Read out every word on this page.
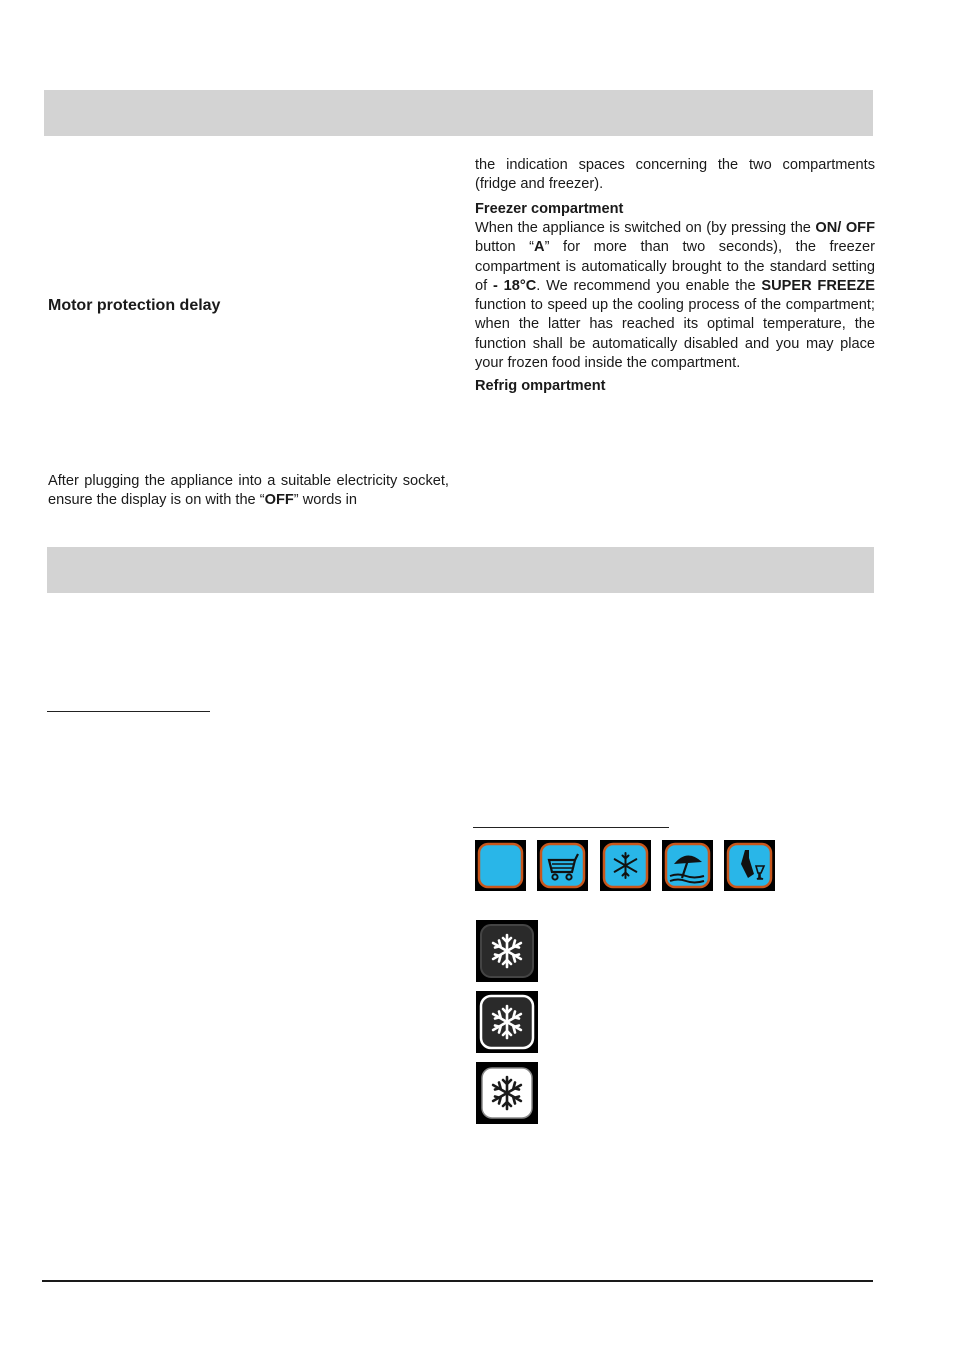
Motor protection delay

After plugging the appliance into a suitable electricity socket, ensure the display is on with the “OFF” words in

the indication spaces concerning the two compartments (fridge and freezer).

Freezer compartment

When the appliance is switched on (by pressing the ON/ OFF button “A” for more than two seconds), the freezer compartment is automatically brought to the standard setting of - 18°C. We recommend you enable the SUPER FREEZE function to speed up the cooling process of the compartment; when the latter has reached its optimal temperature, the function shall be automatically disabled and you may place your frozen food inside the compartment.

Refrig ompartment
